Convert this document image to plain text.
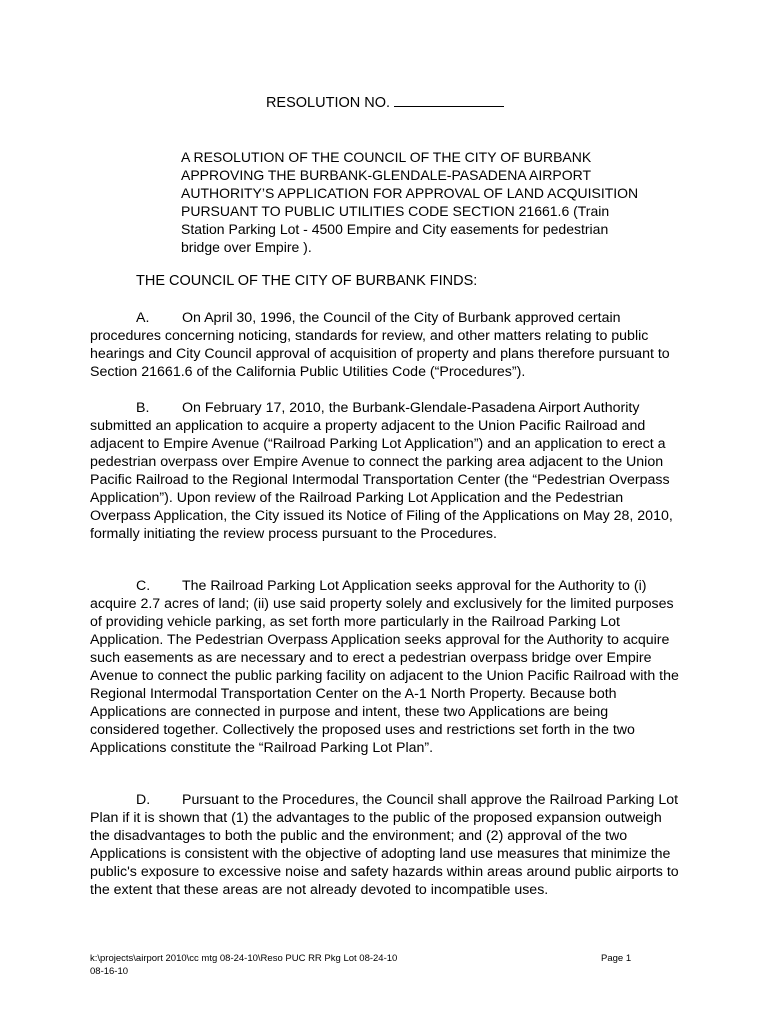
RESOLUTION NO.

A RESOLUTION OF THE COUNCIL OF THE CITY OF BURBANK APPROVING THE BURBANK-GLENDALE-PASADENA AIRPORT AUTHORITY’S APPLICATION FOR APPROVAL OF LAND ACQUISITION PURSUANT TO PUBLIC UTILITIES CODE SECTION 21661.6 (Train Station Parking Lot - 4500 Empire and City easements for pedestrian bridge over Empire ).

THE COUNCIL OF THE CITY OF BURBANK FINDS:

A. On April 30, 1996, the Council of the City of Burbank approved certain procedures concerning noticing, standards for review, and other matters relating to public hearings and City Council approval of acquisition of property and plans therefore pursuant to Section 21661.6 of the California Public Utilities Code (“Procedures”).

B. On February 17, 2010, the Burbank-Glendale-Pasadena Airport Authority submitted an application to acquire a property adjacent to the Union Pacific Railroad and adjacent to Empire Avenue (“Railroad Parking Lot Application”) and an application to erect a pedestrian overpass over Empire Avenue to connect the parking area adjacent to the Union Pacific Railroad to the Regional Intermodal Transportation Center (the “Pedestrian Overpass Application”). Upon review of the Railroad Parking Lot Application and the Pedestrian Overpass Application, the City issued its Notice of Filing of the Applications on May 28, 2010, formally initiating the review process pursuant to the Procedures.

C. The Railroad Parking Lot Application seeks approval for the Authority to (i) acquire 2.7 acres of land; (ii) use said property solely and exclusively for the limited purposes of providing vehicle parking, as set forth more particularly in the Railroad Parking Lot Application. The Pedestrian Overpass Application seeks approval for the Authority to acquire such easements as are necessary and to erect a pedestrian overpass bridge over Empire Avenue to connect the public parking facility on adjacent to the Union Pacific Railroad with the Regional Intermodal Transportation Center on the A-1 North Property. Because both Applications are connected in purpose and intent, these two Applications are being considered together. Collectively the proposed uses and restrictions set forth in the two Applications constitute the “Railroad Parking Lot Plan”.

D. Pursuant to the Procedures, the Council shall approve the Railroad Parking Lot Plan if it is shown that (1) the advantages to the public of the proposed expansion outweigh the disadvantages to both the public and the environment; and (2) approval of the two Applications is consistent with the objective of adopting land use measures that minimize the public's exposure to excessive noise and safety hazards within areas around public airports to the extent that these areas are not already devoted to incompatible uses.

k:\projects\airport 2010\cc mtg 08-24-10\Reso PUC RR Pkg Lot 08-24-10
08-16-10
Page 1
